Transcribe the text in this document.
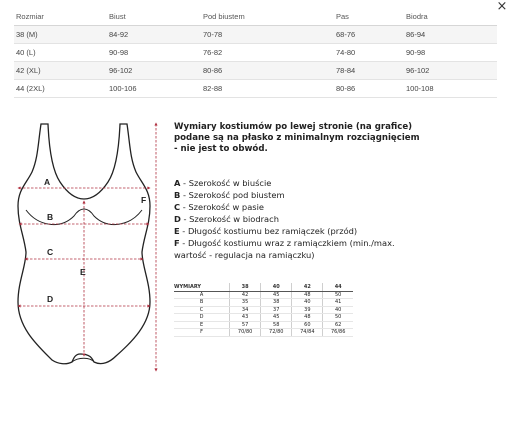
×
Rozmiar	Biust	Pod biustem	Pas	Biodra
38 (M)	84-92	70-78	68-76	86-94
40 (L)	90-98	76-82	74-80	90-98
42 (XL)	96-102	80-86	78-84	96-102
44 (2XL)	100-106	82-88	80-86	100-108
A
B
C
D
E
F
Wymiary kostiumów po lewej stronie (na grafice)
podane są na płasko z minimalnym rozciągnięciem
- nie jest to obwód.
A - Szerokość w biuście
B - Szerokość pod biustem
C - Szerokość w pasie
D - Szerokość w biodrach
E - Długość kostiumu bez ramiączek (przód)
F - Długość kostiumu wraz z ramiączkiem (min./max.
wartość - regulacja na ramiączku)
WYMIARY	38	40	42	44
A	42	45	48	50
B	35	38	40	41
C	34	37	39	40
D	43	45	48	50
E	57	58	60	62
F	70/80	72/80	74/84	76/86
